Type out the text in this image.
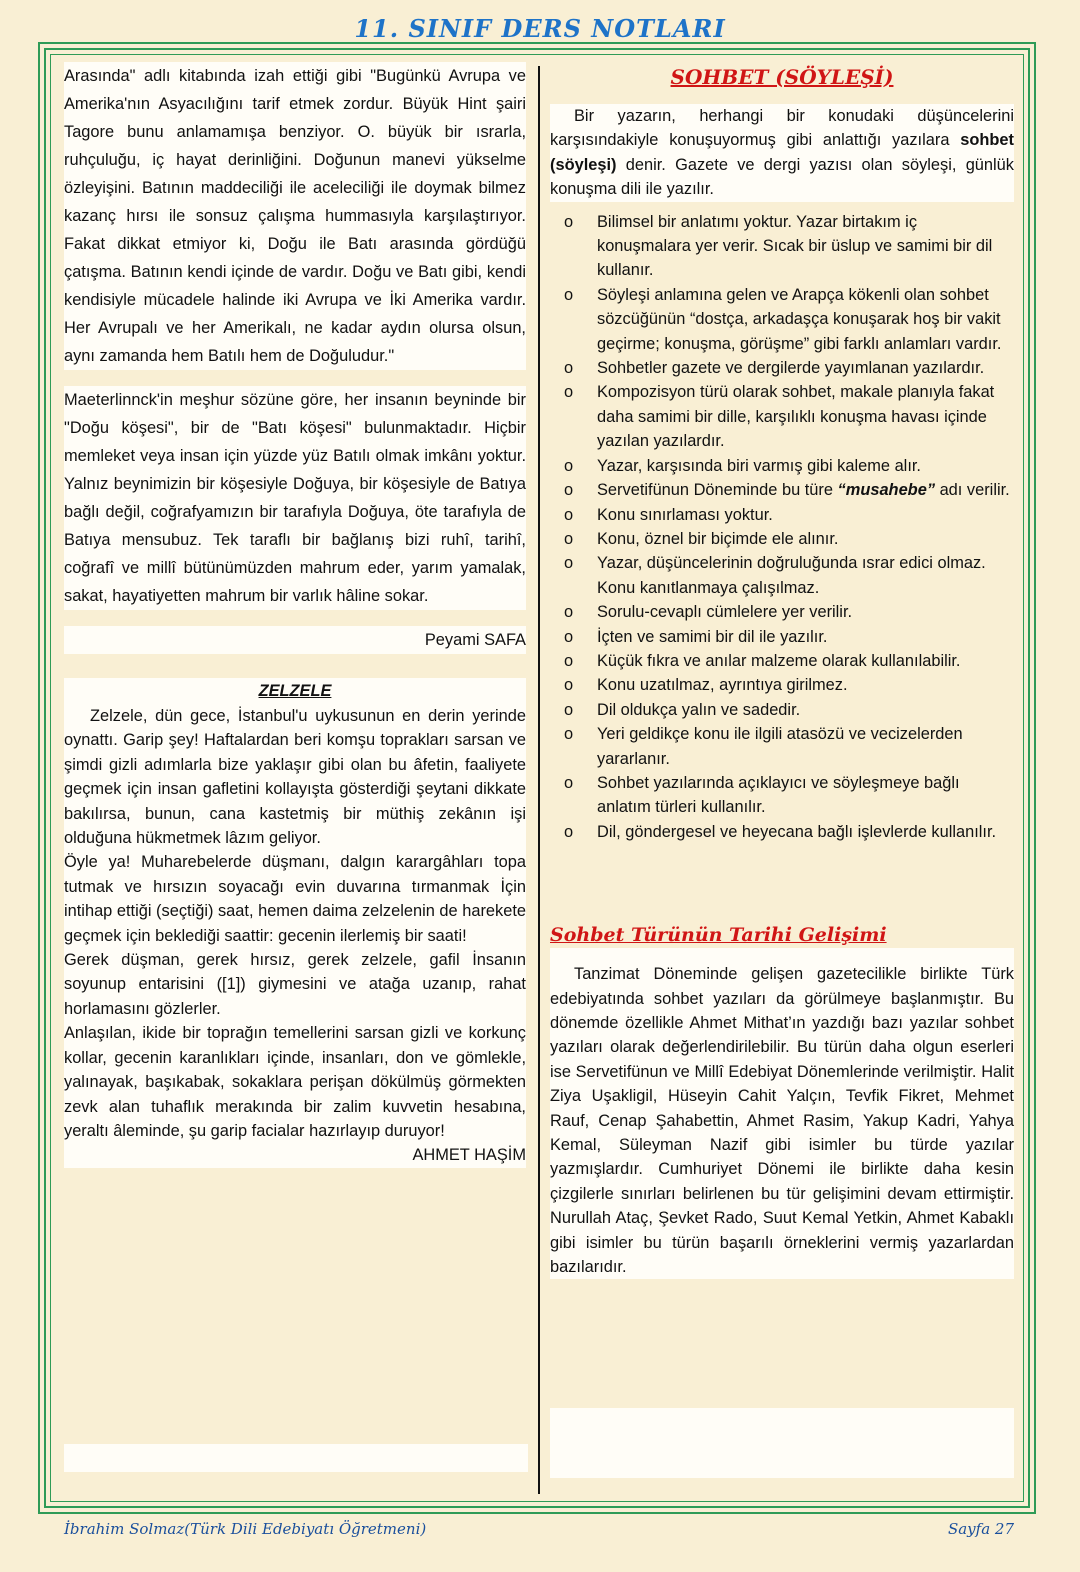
11. SINIF DERS NOTLARI

Arasında" adlı kitabında izah ettiği gibi "Bugünkü Avrupa ve Amerika'nın Asyacılığını tarif etmek zordur. Büyük Hint şairi Tagore bunu anlamamışa benziyor. O. büyük bir ısrarla, ruhçuluğu, iç hayat derinliğini. Doğunun manevi yükselme özleyişini. Batının maddeciliği ile aceleciliği ile doymak bilmez kazanç hırsı ile sonsuz çalışma hummasıyla karşılaştırıyor. Fakat dikkat etmiyor ki, Doğu ile Batı arasında gördüğü çatışma. Batının kendi içinde de vardır. Doğu ve Batı gibi, kendi kendisiyle mücadele halinde iki Avrupa ve İki Amerika vardır. Her Avrupalı ve her Amerikalı, ne kadar aydın olursa olsun, aynı zamanda hem Batılı hem de Doğuludur."

Maeterlinnck'in meşhur sözüne göre, her insanın beyninde bir "Doğu köşesi", bir de "Batı köşesi" bulunmaktadır. Hiçbir memleket veya insan için yüzde yüz Batılı olmak imkânı yoktur. Yalnız beynimizin bir köşesiyle Doğuya, bir köşesiyle de Batıya bağlı değil, coğrafyamızın bir tarafıyla Doğuya, öte tarafıyla de Batıya mensubuz. Tek taraflı bir bağlanış bizi ruhî, tarihî, coğrafî ve millî bütünümüzden mahrum eder, yarım yamalak, sakat, hayatiyetten mahrum bir varlık hâline sokar.

Peyami SAFA

ZELZELE

Zelzele, dün gece, İstanbul'u uykusunun en derin yerinde oynattı. Garip şey! Haftalardan beri komşu toprakları sarsan ve şimdi gizli adımlarla bize yaklaşır gibi olan bu âfetin, faaliyete geçmek için insan gafletini kollayışta gösterdiği şeytani dikkate bakılırsa, bunun, cana kastetmiş bir müthiş zekânın işi olduğuna hükmetmek lâzım geliyor.

Öyle ya! Muharebelerde düşmanı, dalgın karargâhları topa tutmak ve hırsızın soyacağı evin duvarına tırmanmak İçin intihap ettiği (seçtiği) saat, hemen daima zelzelenin de harekete geçmek için beklediği saattir: gecenin ilerlemiş bir saati!

Gerek düşman, gerek hırsız, gerek zelzele, gafil İnsanın soyunup entarisini ([1]) giymesini ve atağa uzanıp, rahat horlamasını gözlerler.

Anlaşılan, ikide bir toprağın temellerini sarsan gizli ve korkunç kollar, gecenin karanlıkları içinde, insanları, don ve gömlekle, yalınayak, başıkabak, sokaklara perişan dökülmüş görmekten zevk alan tuhaflık merakında bir zalim kuvvetin hesabına, yeraltı âleminde, şu garip facialar hazırlayıp duruyor!

AHMET HAŞİM

SOHBET (SÖYLEŞİ)

Bir yazarın, herhangi bir konudaki düşüncelerini karşısındakiyle konuşuyormuş gibi anlattığı yazılara sohbet (söyleşi) denir. Gazete ve dergi yazısı olan söyleşi, günlük konuşma dili ile yazılır.

o Bilimsel bir anlatımı yoktur. Yazar birtakım iç konuşmalara yer verir. Sıcak bir üslup ve samimi bir dil kullanır.
o Söyleşi anlamına gelen ve Arapça kökenli olan sohbet sözcüğünün “dostça, arkadaşça konuşarak hoş bir vakit geçirme; konuşma, görüşme” gibi farklı anlamları vardır.
o Sohbetler gazete ve dergilerde yayımlanan yazılardır.
o Kompozisyon türü olarak sohbet, makale planıyla fakat daha samimi bir dille, karşılıklı konuşma havası içinde yazılan yazılardır.
o Yazar, karşısında biri varmış gibi kaleme alır.
o Servetifünun Döneminde bu türe “musahebe” adı verilir.
o Konu sınırlaması yoktur.
o Konu, öznel bir biçimde ele alınır.
o Yazar, düşüncelerinin doğruluğunda ısrar edici olmaz. Konu kanıtlanmaya çalışılmaz.
o Sorulu-cevaplı cümlelere yer verilir.
o İçten ve samimi bir dil ile yazılır.
o Küçük fıkra ve anılar malzeme olarak kullanılabilir.
o Konu uzatılmaz, ayrıntıya girilmez.
o Dil oldukça yalın ve sadedir.
o Yeri geldikçe konu ile ilgili atasözü ve vecizelerden yararlanır.
o Sohbet yazılarında açıklayıcı ve söyleşmeye bağlı anlatım türleri kullanılır.
o Dil, göndergesel ve heyecana bağlı işlevlerde kullanılır.
Sohbet Türünün Tarihi Gelişimi

Tanzimat Döneminde gelişen gazetecilikle birlikte Türk edebiyatında sohbet yazıları da görülmeye başlanmıştır. Bu dönemde özellikle Ahmet Mithat’ın yazdığı bazı yazılar sohbet yazıları olarak değerlendirilebilir. Bu türün daha olgun eserleri ise Servetifünun ve Millî Edebiyat Dönemlerinde verilmiştir. Halit Ziya Uşakligil, Hüseyin Cahit Yalçın, Tevfik Fikret, Mehmet Rauf, Cenap Şahabettin, Ahmet Rasim, Yakup Kadri, Yahya Kemal, Süleyman Nazif gibi isimler bu türde yazılar yazmışlardır. Cumhuriyet Dönemi ile birlikte daha kesin çizgilerle sınırları belirlenen bu tür gelişimini devam ettirmiştir. Nurullah Ataç, Şevket Rado, Suut Kemal Yetkin, Ahmet Kabaklı gibi isimler bu türün başarılı örneklerini vermiş yazarlardan bazılarıdır.

İbrahim Solmaz(Türk Dili Edebiyatı Öğretmeni)	Sayfa 27
